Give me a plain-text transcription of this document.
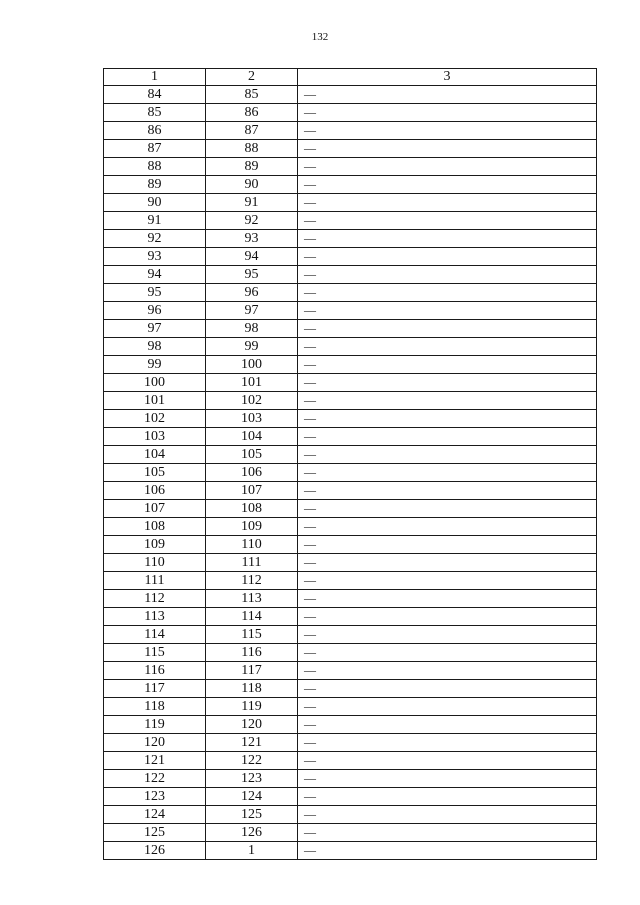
132
1	2	3
84	85	—
85	86	—
86	87	—
87	88	—
88	89	—
89	90	—
90	91	—
91	92	—
92	93	—
93	94	—
94	95	—
95	96	—
96	97	—
97	98	—
98	99	—
99	100	—
100	101	—
101	102	—
102	103	—
103	104	—
104	105	—
105	106	—
106	107	—
107	108	—
108	109	—
109	110	—
110	111	—
111	112	—
112	113	—
113	114	—
114	115	—
115	116	—
116	117	—
117	118	—
118	119	—
119	120	—
120	121	—
121	122	—
122	123	—
123	124	—
124	125	—
125	126	—
126	1	—
